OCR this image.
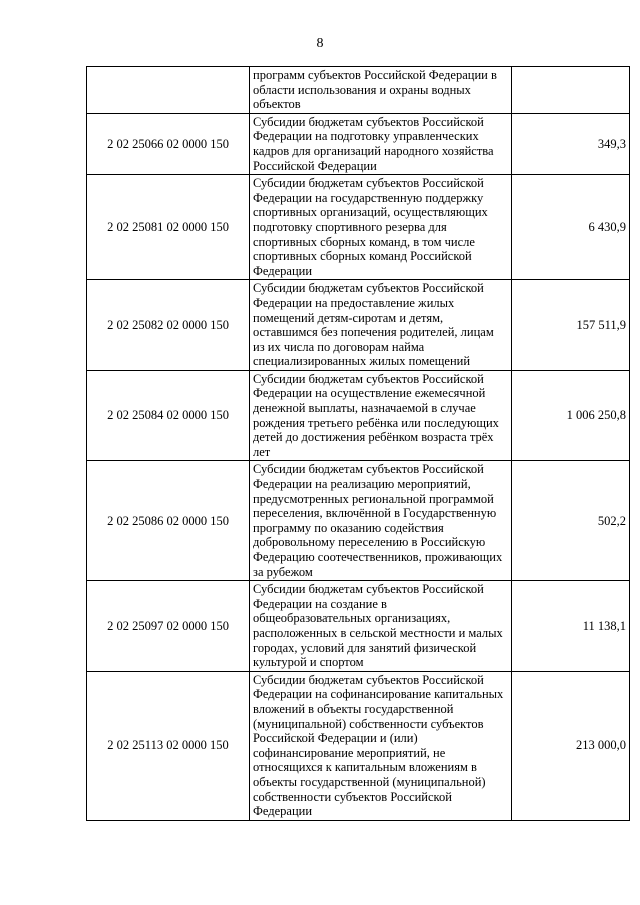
8
	программ субъектов Российской Федерации в области использования и охраны водных объектов	
2 02 25066 02 0000 150	Субсидии бюджетам субъектов Российской Федерации на подготовку управленческих кадров для организаций народного хозяйства Российской Федерации	349,3
2 02 25081 02 0000 150	Субсидии бюджетам субъектов Российской Федерации на государственную поддержку спортивных организаций, осуществляющих подготовку спортивного резерва для спортивных сборных команд, в том числе спортивных сборных команд Российской Федерации	6 430,9
2 02 25082 02 0000 150	Субсидии бюджетам субъектов Российской Федерации на предоставление жилых помещений детям-сиротам и детям, оставшимся без попечения родителей, лицам из их числа по договорам найма специализированных жилых помещений	157 511,9
2 02 25084 02 0000 150	Субсидии бюджетам субъектов Российской Федерации на осуществление ежемесячной денежной выплаты, назначаемой в случае рождения третьего ребёнка или последующих детей до достижения ребёнком возраста трёх лет	1 006 250,8
2 02 25086 02 0000 150	Субсидии бюджетам субъектов Российской Федерации на реализацию мероприятий, предусмотренных региональной программой переселения, включённой в Государственную программу по оказанию содействия добровольному переселению в Российскую Федерацию соотечественников, проживающих за рубежом	502,2
2 02 25097 02 0000 150	Субсидии бюджетам субъектов Российской Федерации на создание в общеобразовательных организациях, расположенных в сельской местности и малых городах, условий для занятий физической культурой и спортом	11 138,1
2 02 25113 02 0000 150	Субсидии бюджетам субъектов Российской Федерации на софинансирование капитальных вложений в объекты государственной (муниципальной) собственности субъектов Российской Федерации и (или) софинансирование мероприятий, не относящихся к капитальным вложениям в объекты государственной (муниципальной) собственности субъектов Российской Федерации	213 000,0
